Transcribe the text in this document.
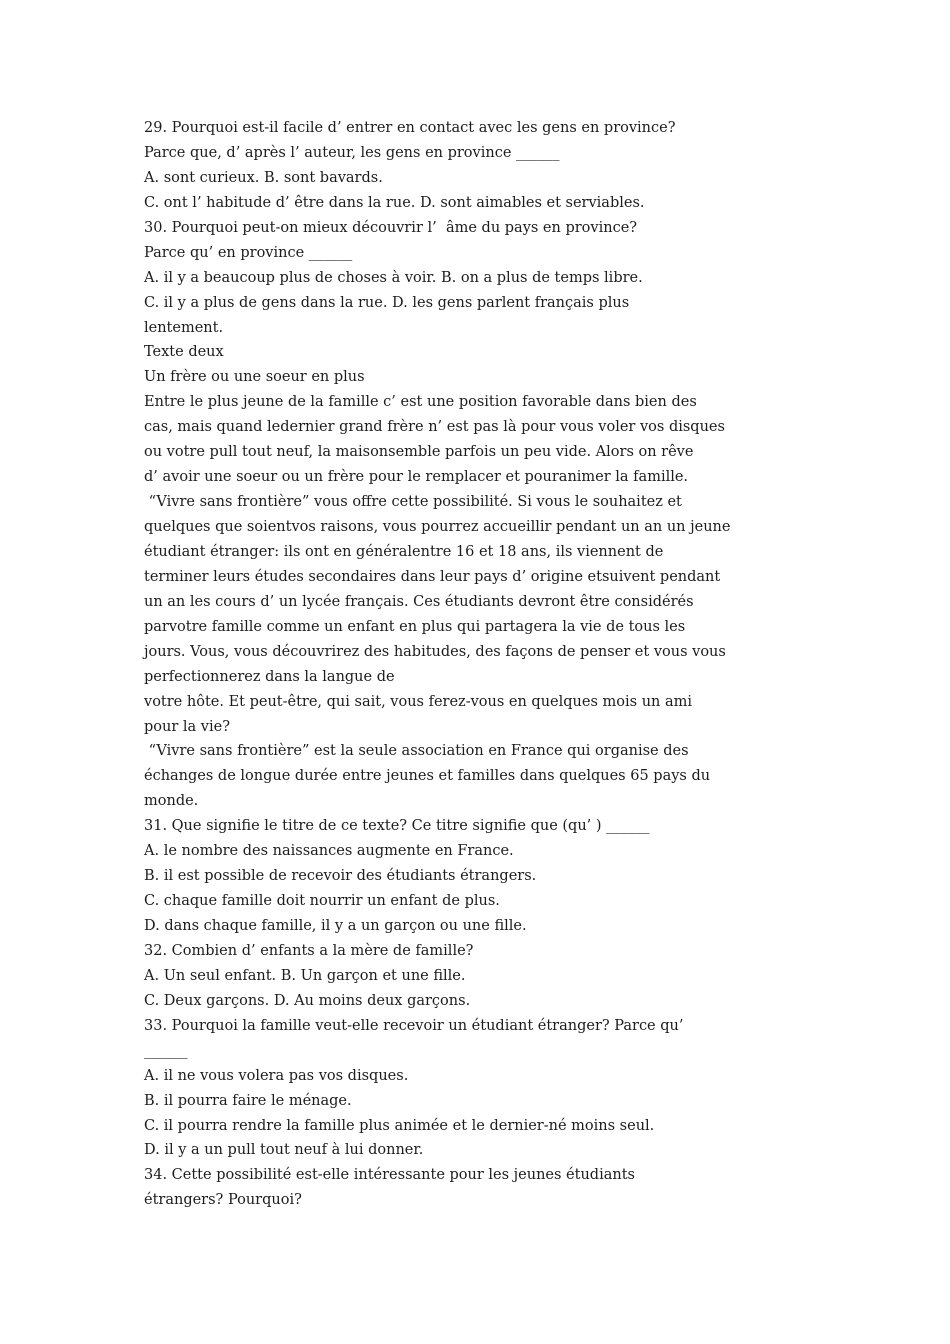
29. Pourquoi est-il facile d’ entrer en contact avec les gens en province?
Parce que, d’ après l’ auteur, les gens en province ______
A. sont curieux. B. sont bavards.
C. ont l’ habitude d’ être dans la rue. D. sont aimables et serviables.
30. Pourquoi peut-on mieux découvrir l’  âme du pays en province?
Parce qu’ en province ______
A. il y a beaucoup plus de choses à voir. B. on a plus de temps libre.
C. il y a plus de gens dans la rue. D. les gens parlent français plus
lentement.
Texte deux
Un frère ou une soeur en plus
Entre le plus jeune de la famille c’ est une position favorable dans bien des
cas, mais quand ledernier grand frère n’ est pas là pour vous voler vos disques
ou votre pull tout neuf, la maisonsemble parfois un peu vide. Alors on rêve
d’ avoir une soeur ou un frère pour le remplacer et pouranimer la famille.
“Vivre sans frontière” vous offre cette possibilité. Si vous le souhaitez et
quelques que soientvos raisons, vous pourrez accueillir pendant un an un jeune
étudiant étranger: ils ont en généralentre 16 et 18 ans, ils viennent de
terminer leurs études secondaires dans leur pays d’ origine etsuivent pendant
un an les cours d’ un lycée français. Ces étudiants devront être considérés
parvotre famille comme un enfant en plus qui partagera la vie de tous les
jours. Vous, vous découvrirez des habitudes, des façons de penser et vous vous
perfectionnerez dans la langue de
votre hôte. Et peut-être, qui sait, vous ferez-vous en quelques mois un ami
pour la vie?
“Vivre sans frontière” est la seule association en France qui organise des
échanges de longue durée entre jeunes et familles dans quelques 65 pays du
monde.
31. Que signifie le titre de ce texte? Ce titre signifie que (qu’ ) ______
A. le nombre des naissances augmente en France.
B. il est possible de recevoir des étudiants étrangers.
C. chaque famille doit nourrir un enfant de plus.
D. dans chaque famille, il y a un garçon ou une fille.
32. Combien d’ enfants a la mère de famille?
A. Un seul enfant. B. Un garçon et une fille.
C. Deux garçons. D. Au moins deux garçons.
33. Pourquoi la famille veut-elle recevoir un étudiant étranger? Parce qu’
______
A. il ne vous volera pas vos disques.
B. il pourra faire le ménage.
C. il pourra rendre la famille plus animée et le dernier-né moins seul.
D. il y a un pull tout neuf à lui donner.
34. Cette possibilité est-elle intéressante pour les jeunes étudiants
étrangers? Pourquoi?
